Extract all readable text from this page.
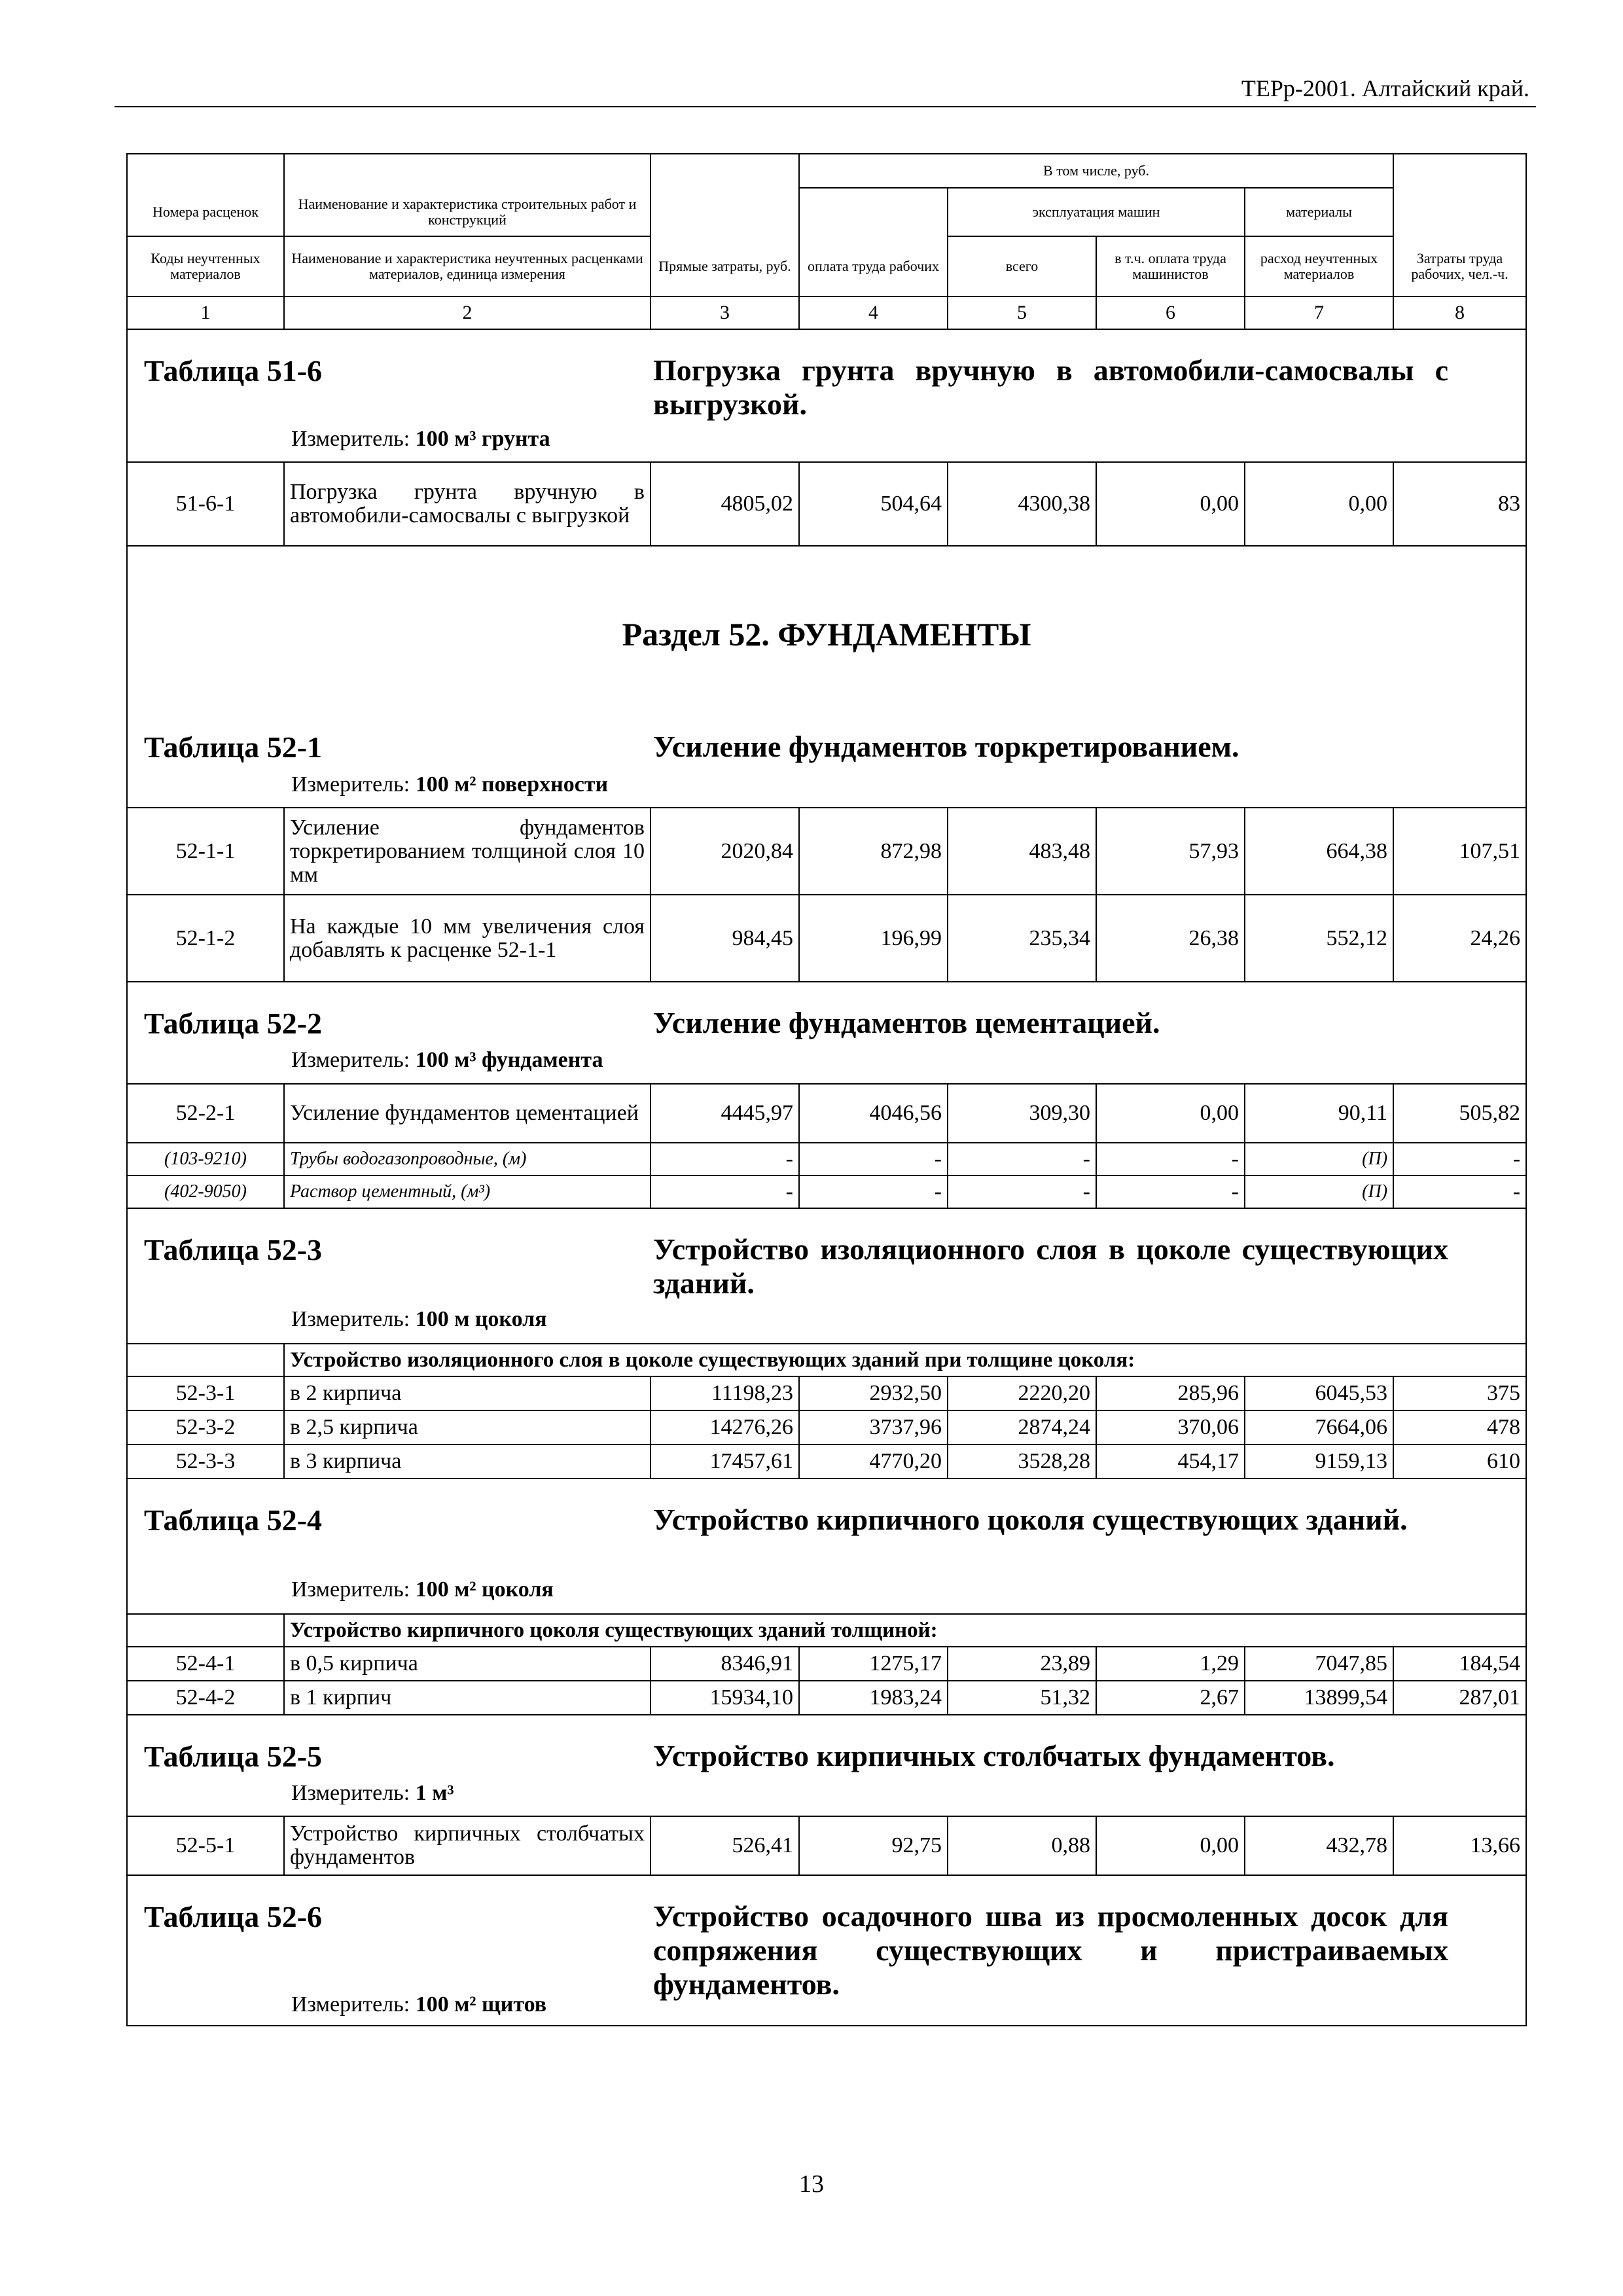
ТЕРр-2001. Алтайский край.
			В том числе, руб.				
Номера расценок	Наименование и характеристика строительных работ и конструкций			эксплуатация машин		материалы	
Коды неучтенных материалов	Наименование и характеристика неучтенных расценками материалов, единица измерения	Прямые затраты, руб.	оплата труда рабочих	всего	в т.ч. оплата труда машинистов	расход неучтенных материалов	Затраты труда рабочих, чел.-ч.
1	2	3	4	5	6	7	8

Таблица 51-6 Погрузка грунта вручную в автомобили-самосвалы с выгрузкой.
Измеритель: 100 м³ грунта							

51-6-1	Погрузка грунта вручную в автомобили-самосвалы с выгрузкой	4805,02	504,64	4300,38	0,00	0,00	83

Раздел 52. ФУНДАМЕНТЫ
Таблица 52-1 Усиление фундаментов торкретированием.
Измеритель: 100 м² поверхности							

52-1-1	Усиление фундаментов торкретированием толщиной слоя 10 мм	2020,84	872,98	483,48	57,93	664,38	107,51
52-1-2	На каждые 10 мм увеличения слоя добавлять к расценке 52-1-1	984,45	196,99	235,34	26,38	552,12	24,26

Таблица 52-2 Усиление фундаментов цементацией.
Измеритель: 100 м³ фундамента							

52-2-1	Усиление фундаментов цементацией	4445,97	4046,56	309,30	0,00	90,11	505,82
(103-9210)	Трубы водогазопроводные, (м)	-	-	-	-	(П)	-
(402-9050)	Раствор цементный, (м³)	-	-	-	-	(П)	-

Таблица 52-3 Устройство изоляционного слоя в цоколе существующих зданий.
Измеритель: 100 м цоколя							

	Устройство изоляционного слоя в цоколе существующих зданий при толщине цоколя:						
52-3-1	в 2 кирпича	11198,23	2932,50	2220,20	285,96	6045,53	375
52-3-2	в 2,5 кирпича	14276,26	3737,96	2874,24	370,06	7664,06	478
52-3-3	в 3 кирпича	17457,61	4770,20	3528,28	454,17	9159,13	610

Таблица 52-4 Устройство кирпичного цоколя существующих зданий.
Измеритель: 100 м² цоколя							

	Устройство кирпичного цоколя существующих зданий толщиной:						
52-4-1	в 0,5 кирпича	8346,91	1275,17	23,89	1,29	7047,85	184,54
52-4-2	в 1 кирпич	15934,10	1983,24	51,32	2,67	13899,54	287,01

Таблица 52-5 Устройство кирпичных столбчатых фундаментов.
Измеритель: 1 м³							

52-5-1	Устройство кирпичных столбчатых фундаментов	526,41	92,75	0,88	0,00	432,78	13,66

Таблица 52-6 Устройство осадочного шва из просмоленных досок для сопряжения существующих и пристраиваемых фундаментов.
Измеритель: 100 м² щитов							
13
